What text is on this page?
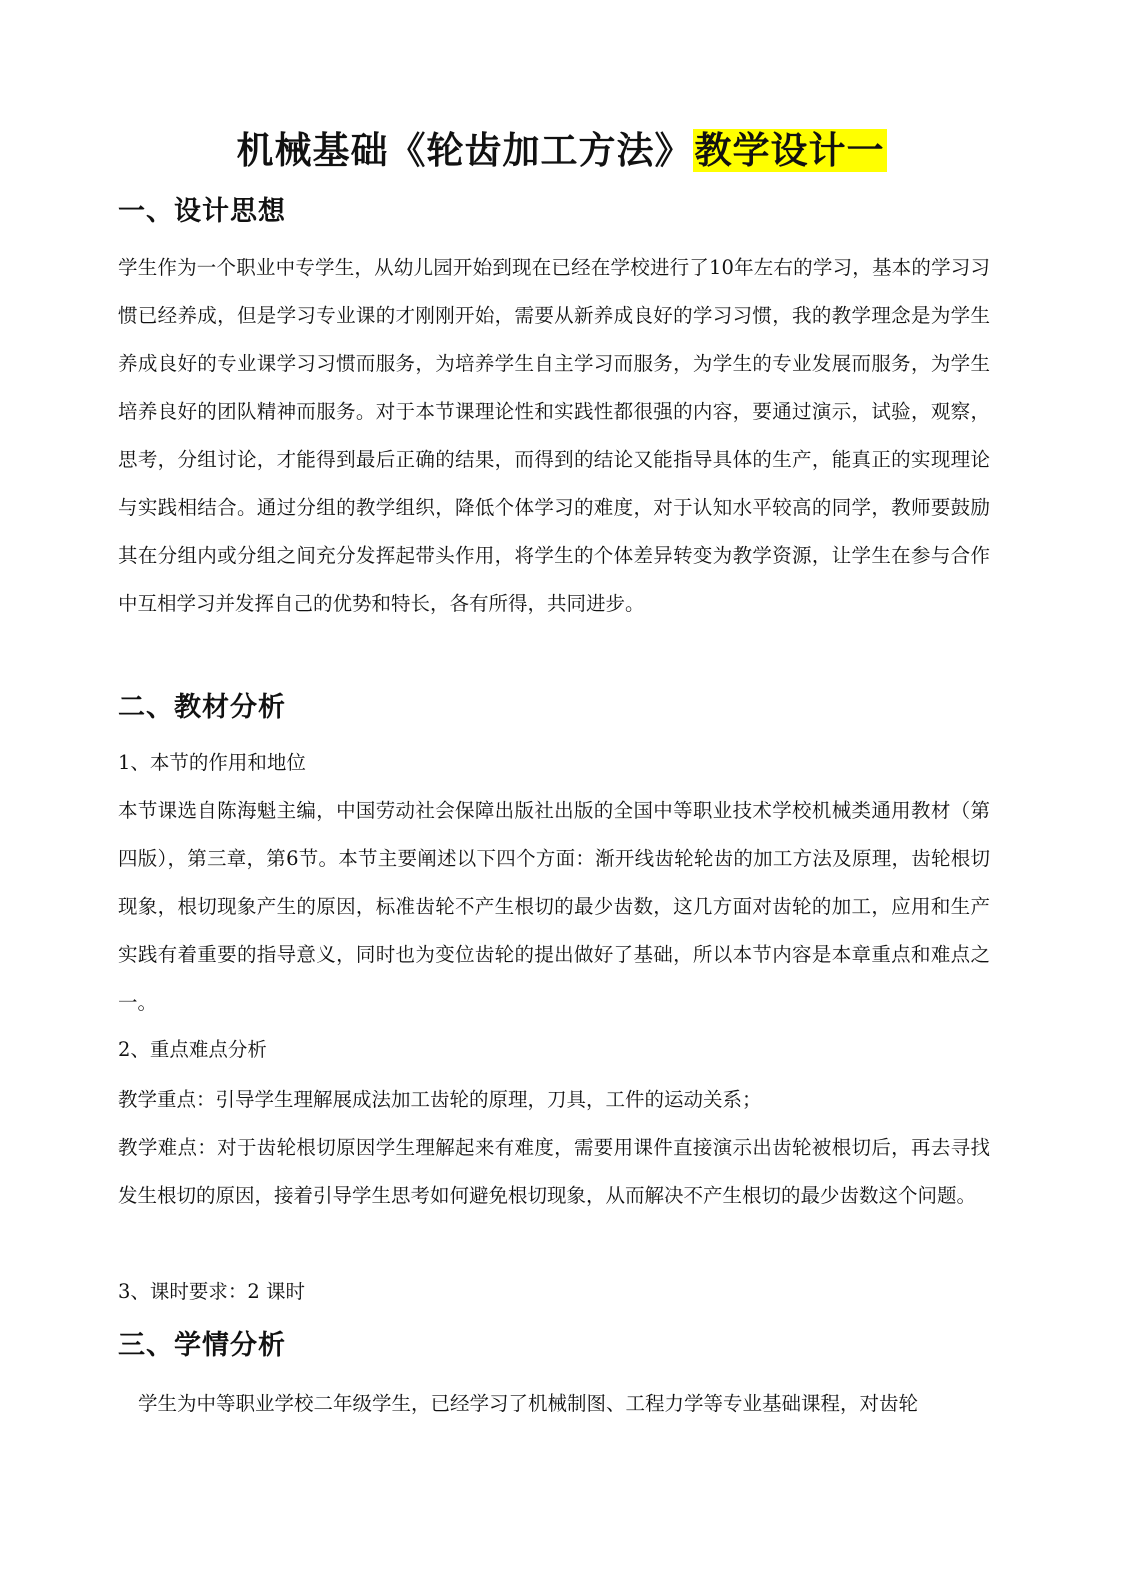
机械基础《轮齿加工方法》教学设计一
一、设计思想

学生作为一个职业中专学生，从幼儿园开始到现在已经在学校进行了10年左右的学习，基本的学习习惯已经养成，但是学习专业课的才刚刚开始，需要从新养成良好的学习习惯，我的教学理念是为学生养成良好的专业课学习习惯而服务，为培养学生自主学习而服务，为学生的专业发展而服务，为学生培养良好的团队精神而服务。对于本节课理论性和实践性都很强的内容，要通过演示，试验，观察，思考，分组讨论，才能得到最后正确的结果，而得到的结论又能指导具体的生产，能真正的实现理论与实践相结合。通过分组的教学组织，降低个体学习的难度，对于认知水平较高的同学，教师要鼓励其在分组内或分组之间充分发挥起带头作用，将学生的个体差异转变为教学资源，让学生在参与合作中互相学习并发挥自己的优势和特长，各有所得，共同进步。

二、教材分析
1、本节的作用和地位

本节课选自陈海魁主编，中国劳动社会保障出版社出版的全国中等职业技术学校机械类通用教材（第四版），第三章，第6节。本节主要阐述以下四个方面：渐开线齿轮轮齿的加工方法及原理，齿轮根切现象，根切现象产生的原因，标准齿轮不产生根切的最少齿数，这几方面对齿轮的加工，应用和生产实践有着重要的指导意义，同时也为变位齿轮的提出做好了基础，所以本节内容是本章重点和难点之一。

2、重点难点分析

教学重点：引导学生理解展成法加工齿轮的原理，刀具，工件的运动关系；

教学难点：对于齿轮根切原因学生理解起来有难度，需要用课件直接演示出齿轮被根切后，再去寻找发生根切的原因，接着引导学生思考如何避免根切现象，从而解决不产生根切的最少齿数这个问题。

3、课时要求：2 课时
三、学情分析

学生为中等职业学校二年级学生，已经学习了机械制图、工程力学等专业基础课程，对齿轮
